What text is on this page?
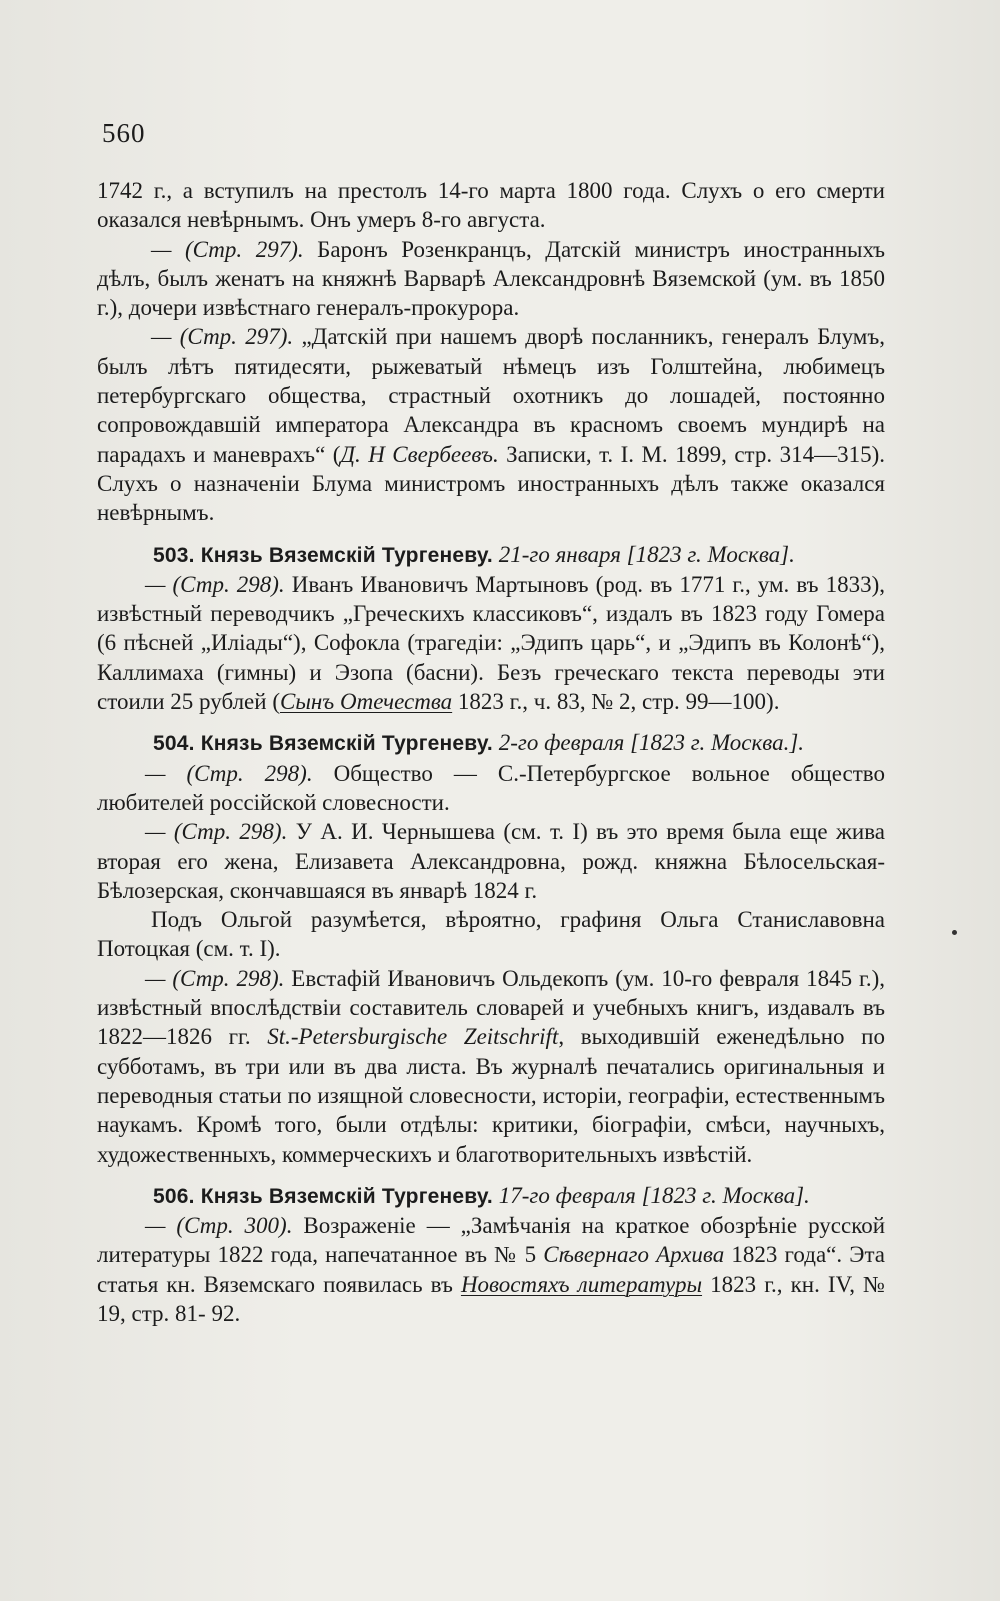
560

1742 г., а вступилъ на престолъ 14-го марта 1800 года. Слухъ о его смерти оказался невѣрнымъ. Онъ умеръ 8-го августа.

— (Стр. 297). Баронъ Розенкранцъ, Датскій министръ иностранныхъ дѣлъ, былъ женатъ на княжнѣ Варварѣ Александровнѣ Вяземской (ум. въ 1850 г.), дочери извѣстнаго генералъ-прокурора.

— (Стр. 297). „Датскій при нашемъ дворѣ посланникъ, генералъ Блумъ, былъ лѣтъ пятидесяти, рыжеватый нѣмецъ изъ Голштейна, любимецъ петербургскаго общества, страстный охотникъ до лошадей, постоянно сопровождавшій императора Александра въ красномъ своемъ мундирѣ на парадахъ и маневрахъ“ (Д. Н Свербеевъ. Записки, т. I. М. 1899, стр. 314—315). Слухъ о назначеніи Блума министромъ иностранныхъ дѣлъ также оказался невѣрнымъ.

503. Князь Вяземскій Тургеневу. 21-го января [1823 г. Москва].

— (Стр. 298). Иванъ Ивановичъ Мартыновъ (род. въ 1771 г., ум. въ 1833), извѣстный переводчикъ „Греческихъ классиковъ“, издалъ въ 1823 году Гомера (6 пѣсней „Иліады“), Софокла (трагедіи: „Эдипъ царь“, и „Эдипъ въ Колонѣ“), Каллимаха (гимны) и Эзопа (басни). Безъ греческаго текста переводы эти стоили 25 рублей (Сынъ Отечества 1823 г., ч. 83, № 2, стр. 99—100).

504. Князь Вяземскій Тургеневу. 2-го февраля [1823 г. Москва.].

— (Стр. 298). Общество — С.-Петербургское вольное общество любителей россійской словесности.

— (Стр. 298). У А. И. Чернышева (см. т. I) въ это время была еще жива вторая его жена, Елизавета Александровна, рожд. княжна Бѣлосельская-Бѣлозерская, скончавшаяся въ январѣ 1824 г.

Подъ Ольгой разумѣется, вѣроятно, графиня Ольга Станиславовна Потоцкая (см. т. I).

— (Стр. 298). Евстафій Ивановичъ Ольдекопъ (ум. 10-го февраля 1845 г.), извѣстный впослѣдствіи составитель словарей и учебныхъ книгъ, издавалъ въ 1822—1826 гг. St.-Petersburgische Zeitschrift, выходившій еженедѣльно по субботамъ, въ три или въ два листа. Въ журналѣ печатались оригинальныя и переводныя статьи по изящной словесности, исторіи, географіи, естественнымъ наукамъ. Кромѣ того, были отдѣлы: критики, біографіи, смѣси, научныхъ, художественныхъ, коммерческихъ и благотворительныхъ извѣстій.

506. Князь Вяземскій Тургеневу. 17-го февраля [1823 г. Москва].

— (Стр. 300). Возраженіе — „Замѣчанія на краткое обозрѣніе русской литературы 1822 года, напечатанное въ № 5 Сѣвернаго Архива 1823 года“. Эта статья кн. Вяземскаго появилась въ Новостяхъ литературы 1823 г., кн. IV, № 19, стр. 81- 92.
